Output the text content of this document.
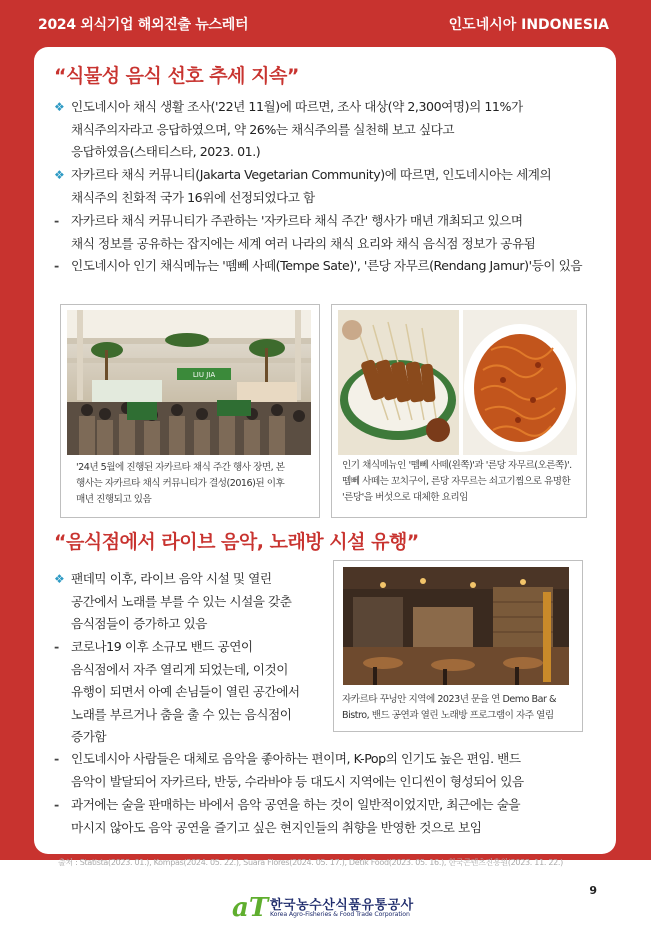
2024 외식기업 해외진출 뉴스레터	인도네시아 INDONESIA
“식물성 음식 선호 추세 지속”
❖ 인도네시아 채식 생활 조사('22년 11월)에 따르면, 조사 대상(약 2,300여명)의 11%가
채식주의자라고 응답하였으며, 약 26%는 채식주의를 실천해 보고 싶다고
응답하였음(스태티스타, 2023. 01.)
❖ 자카르타 채식 커뮤니티(Jakarta Vegetarian Community)에 따르면, 인도네시아는 세계의
채식주의 친화적 국가 16위에 선정되었다고 함
- 자카르타 채식 커뮤니티가 주관하는 '자카르타 채식 주간' 행사가 매년 개최되고 있으며
채식 정보를 공유하는 잡지에는 세계 여러 나라의 채식 요리와 채식 음식점 정보가 공유됨
- 인도네시아 인기 채식메뉴는 '뗌뻬 사떼(Tempe Sate)', '른당 자무르(Rendang Jamur)'등이 있음
LIU JIA
'24년 5월에 진행된 자카르타 채식 주간 행사 장면, 본
행사는 자카르타 채식 커뮤니티가 결성(2016)된 이후
매년 진행되고 있음
인기 채식메뉴인 '뗌뻬 사떼(왼쪽)'과 '른당 자무르(오른쪽)'.
뗌뻬 사떼는 꼬치구이, 른당 자무르는 쇠고기찜으로 유명한
'른당'을 버섯으로 대체한 요리임
“음식점에서 라이브 음악, 노래방 시설 유행”
❖ 팬데믹 이후, 라이브 음악 시설 및 열린
공간에서 노래를 부를 수 있는 시설을 갖춘
음식점들이 증가하고 있음
- 코로나19 이후 소규모 밴드 공연이
음식점에서 자주 열리게 되었는데, 이것이
유행이 되면서 아예 손님들이 열린 공간에서
노래를 부르거나 춤을 출 수 있는 음식점이
증가함
자카르타 꾸닝안 지역에 2023년 문을 연 Demo Bar &
Bistro, 밴드 공연과 열린 노래방 프로그램이 자주 열림
- 인도네시아 사람들은 대체로 음악을 좋아하는 편이며, K-Pop의 인기도 높은 편임. 밴드
음악이 발달되어 자카르타, 반둥, 수라바야 등 대도시 지역에는 인디씬이 형성되어 있음
- 과거에는 술을 판매하는 바에서 음악 공연을 하는 것이 일반적이었지만, 최근에는 술을
마시지 않아도 음악 공연을 즐기고 싶은 현지인들의 취향을 반영한 것으로 보임
출처 : Statista(2023. 01.), Kompas(2024. 05. 22.), Suara Flores(2024. 05. 17.), Detik Food(2023. 05. 16.), 한국콘텐츠진흥원(2023. 11. 22.)
9
aT 한국농수산식품유통공사
Korea Agro-Fisheries & Food Trade Corporation
